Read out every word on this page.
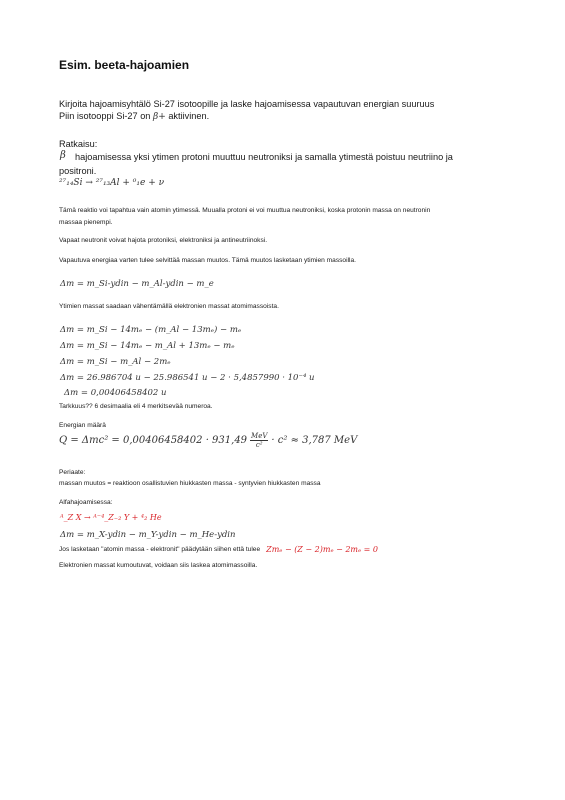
Esim. beeta-hajoamien
Kirjoita hajoamisyhtälö Si-27 isotoopille ja laske hajoamisessa vapautuvan energian suuruus
Piin isotooppi Si-27 on β+ aktiivinen.
Ratkaisu:
β hajoamisessa yksi ytimen protoni muuttuu neutroniksi ja samalla ytimestä poistuu neutriino ja
positroni.
²⁷₁₄Si → ²⁷₁₃Al + ⁰₁e + ν
Tämä reaktio voi tapahtua vain atomin ytimessä. Muualla protoni ei voi muuttua neutroniksi, koska protonin massa on neutronin
massaa pienempi.
Vapaat neutronit voivat hajota protoniksi, elektroniksi ja antineutriinoksi.
Vapautuva energiaa varten tulee selvittää massan muutos. Tämä muutos lasketaan ytimien massoilla.
Δm = m_Si-ydin − m_Al-ydin − m_e
Ytimien massat saadaan vähentämällä elektronien massat atomimassoista.
Δm = m_Si − 14mₑ − (m_Al − 13mₑ) − mₑ
Δm = m_Si − 14mₑ − m_Al + 13mₑ − mₑ
Δm = m_Si − m_Al − 2mₑ
Δm = 26.986704 u − 25.986541 u − 2 · 5,4857990 · 10⁻⁴ u
Δm = 0,00406458402 u
Tarkkuus?? 6 desimaalia eli 4 merkitsevää numeroa.
Energian määrä
Q = Δmc² = 0,00406458402 · 931,49 MeV
c² · c² ≈ 3,787 MeV
Periaate:
massan muutos = reaktioon osallistuvien hiukkasten massa - syntyvien hiukkasten massa
Alfahajoamisessa:
ᴬ_Z X → ᴬ⁻⁴_Z₋₂ Y + ⁴₂ He
Δm = m_X-ydin − m_Y-ydin − m_He-ydin
Jos lasketaan "atomin massa - elektronit" päädytään siihen että tulee Zmₑ − (Z − 2)mₑ − 2mₑ = 0
Elektronien massat kumoutuvat, voidaan siis laskea atomimassoilla.
